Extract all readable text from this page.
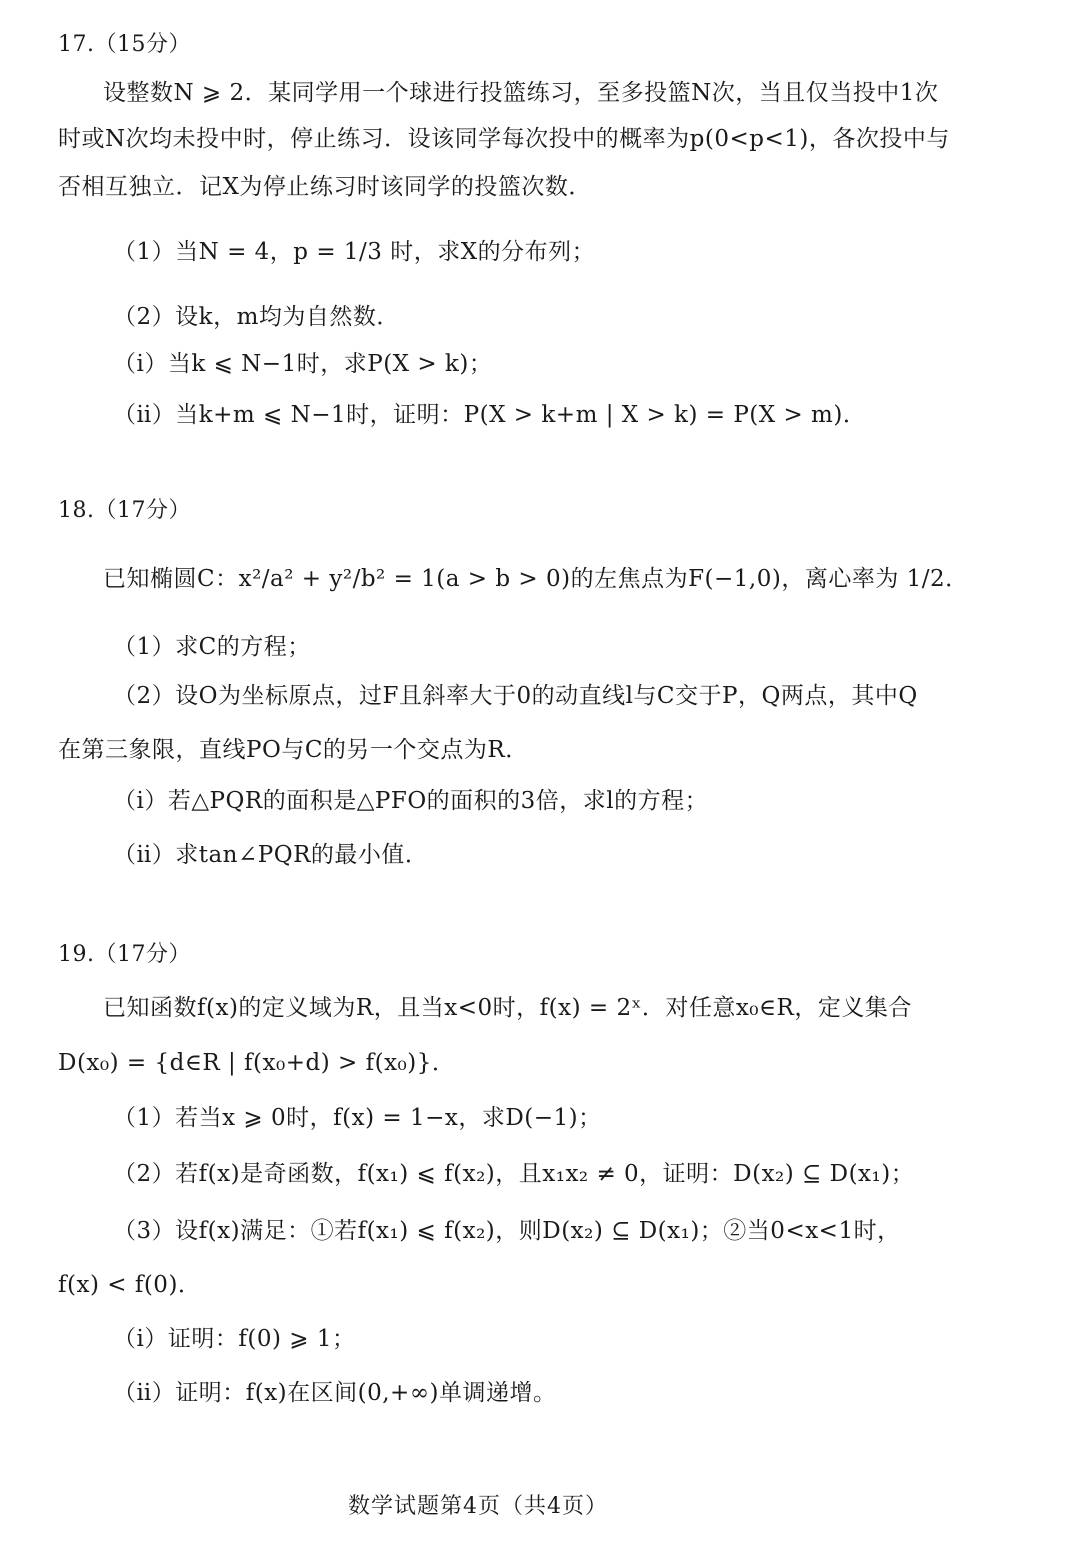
17.（15分）
设整数N ⩾ 2．某同学用一个球进行投篮练习，至多投篮N次，当且仅当投中1次
时或N次均未投中时，停止练习．设该同学每次投中的概率为p(0<p<1)，各次投中与
否相互独立．记X为停止练习时该同学的投篮次数．
（1）当N = 4，p = 1/3 时，求X的分布列；
（2）设k，m均为自然数．
（ⅰ）当k ⩽ N−1时，求P(X > k)；
（ⅱ）当k+m ⩽ N−1时，证明：P(X > k+m | X > k) = P(X > m)．
18.（17分）
已知椭圆C：x²/a² + y²/b² = 1(a > b > 0)的左焦点为F(−1,0)，离心率为 1/2．
（1）求C的方程；
（2）设O为坐标原点，过F且斜率大于0的动直线l与C交于P，Q两点，其中Q
在第三象限，直线PO与C的另一个交点为R．
（ⅰ）若△PQR的面积是△PFO的面积的3倍，求l的方程；
（ⅱ）求tan∠PQR的最小值．
19.（17分）
已知函数f(x)的定义域为R，且当x<0时，f(x) = 2ˣ．对任意x₀∈R，定义集合
D(x₀) = {d∈R | f(x₀+d) > f(x₀)}．
（1）若当x ⩾ 0时，f(x) = 1−x，求D(−1)；
（2）若f(x)是奇函数，f(x₁) ⩽ f(x₂)，且x₁x₂ ≠ 0，证明：D(x₂) ⊆ D(x₁)；
（3）设f(x)满足：①若f(x₁) ⩽ f(x₂)，则D(x₂) ⊆ D(x₁)；②当0<x<1时，
f(x) < f(0)．
（ⅰ）证明：f(0) ⩾ 1；
（ⅱ）证明：f(x)在区间(0,+∞)单调递增。
数学试题第4页（共4页）
